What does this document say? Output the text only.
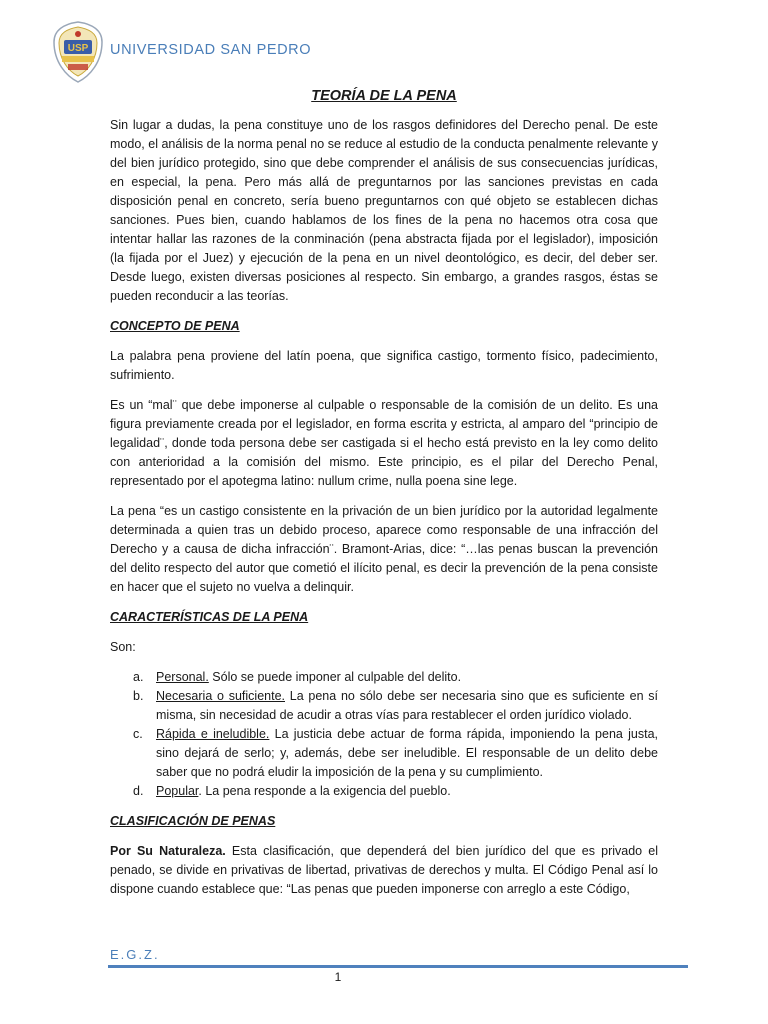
USP UNIVERSIDAD SAN PEDRO
TEORÍA DE LA PENA

Sin lugar a dudas, la pena constituye uno de los rasgos definidores del Derecho penal. De este modo, el análisis de la norma penal no se reduce al estudio de la conducta penalmente relevante y del bien jurídico protegido, sino que debe comprender el análisis de sus consecuencias jurídicas, en especial, la pena. Pero más allá de preguntarnos por las sanciones previstas en cada disposición penal en concreto, sería bueno preguntarnos con qué objeto se establecen dichas sanciones. Pues bien, cuando hablamos de los fines de la pena no hacemos otra cosa que intentar hallar las razones de la conminación (pena abstracta fijada por el legislador), imposición (la fijada por el Juez) y ejecución de la pena en un nivel deontológico, es decir, del deber ser. Desde luego, existen diversas posiciones al respecto. Sin embargo, a grandes rasgos, éstas se pueden reconducir a las teorías.

CONCEPTO DE PENA

La palabra pena proviene del latín poena, que significa castigo, tormento físico, padecimiento, sufrimiento.

Es un “mal¨ que debe imponerse al culpable o responsable de la comisión de un delito. Es una figura previamente creada por el legislador, en forma escrita y estricta, al amparo del “principio de legalidad¨, donde toda persona debe ser castigada si el hecho está previsto en la ley como delito con anterioridad a la comisión del mismo. Este principio, es el pilar del Derecho Penal, representado por el apotegma latino: nullum crime, nulla poena sine lege.

La pena “es un castigo consistente en la privación de un bien jurídico por la autoridad legalmente determinada a quien tras un debido proceso, aparece como responsable de una infracción del Derecho y a causa de dicha infracción¨. Bramont-Arias, dice: “…las penas buscan la prevención del delito respecto del autor que cometió el ilícito penal, es decir la prevención de la pena consiste en hacer que el sujeto no vuelva a delinquir.

CARACTERÍSTICAS DE LA PENA

Son:

a. Personal. Sólo se puede imponer al culpable del delito.
b. Necesaria o suficiente. La pena no sólo debe ser necesaria sino que es suficiente en sí misma, sin necesidad de acudir a otras vías para restablecer el orden jurídico violado.
c. Rápida e ineludible. La justicia debe actuar de forma rápida, imponiendo la pena justa, sino dejará de serlo; y, además, debe ser ineludible. El responsable de un delito debe saber que no podrá eludir la imposición de la pena y su cumplimiento.
d. Popular. La pena responde a la exigencia del pueblo.
CLASIFICACIÓN DE PENAS

Por Su Naturaleza. Esta clasificación, que dependerá del bien jurídico del que es privado el penado, se divide en privativas de libertad, privativas de derechos y multa. El Código Penal así lo dispone cuando establece que: “Las penas que pueden imponerse con arreglo a este Código,

E.G.Z.
1
